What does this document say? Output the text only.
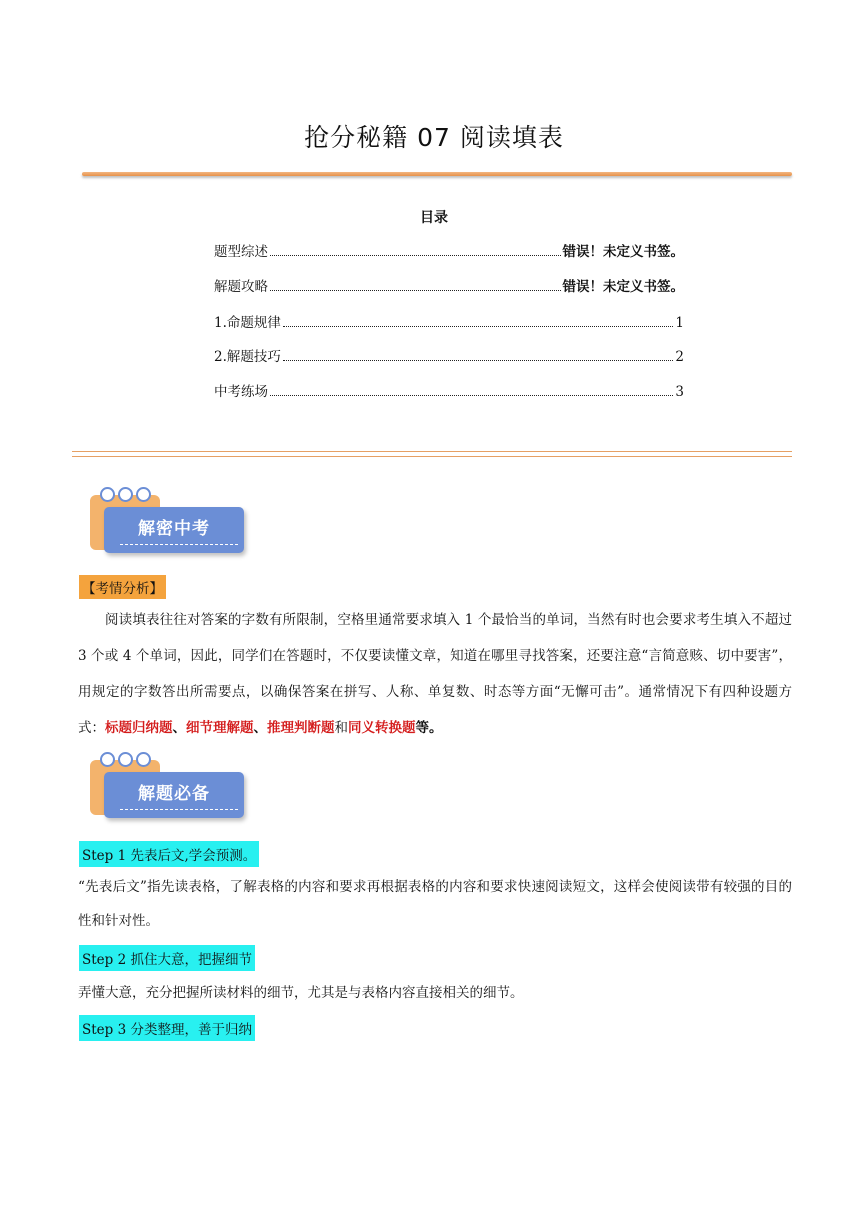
抢分秘籍 07 阅读填表
目录
题型综述	错误！未定义书签。
解题攻略	错误！未定义书签。
1.命题规律	1
2.解题技巧	2
中考练场	3
解密中考
【考情分析】
阅读填表往往对答案的字数有所限制，空格里通常要求填入 1 个最恰当的单词，当然有时也会要求考生填入不超过 3 个或 4 个单词，因此，同学们在答题时，不仅要读懂文章，知道在哪里寻找答案，还要注意“言简意赅、切中要害”，用规定的字数答出所需要点，以确保答案在拼写、人称、单复数、时态等方面“无懈可击”。通常情况下有四种设题方式：标题归纳题、细节理解题、推理判断题和同义转换题等。
解题必备
Step 1 先表后文,学会预测。
“先表后文”指先读表格，了解表格的内容和要求再根据表格的内容和要求快速阅读短文，这样会使阅读带有较强的目的性和针对性。
Step 2 抓住大意，把握细节
弄懂大意，充分把握所读材料的细节，尤其是与表格内容直接相关的细节。
Step 3 分类整理，善于归纳
